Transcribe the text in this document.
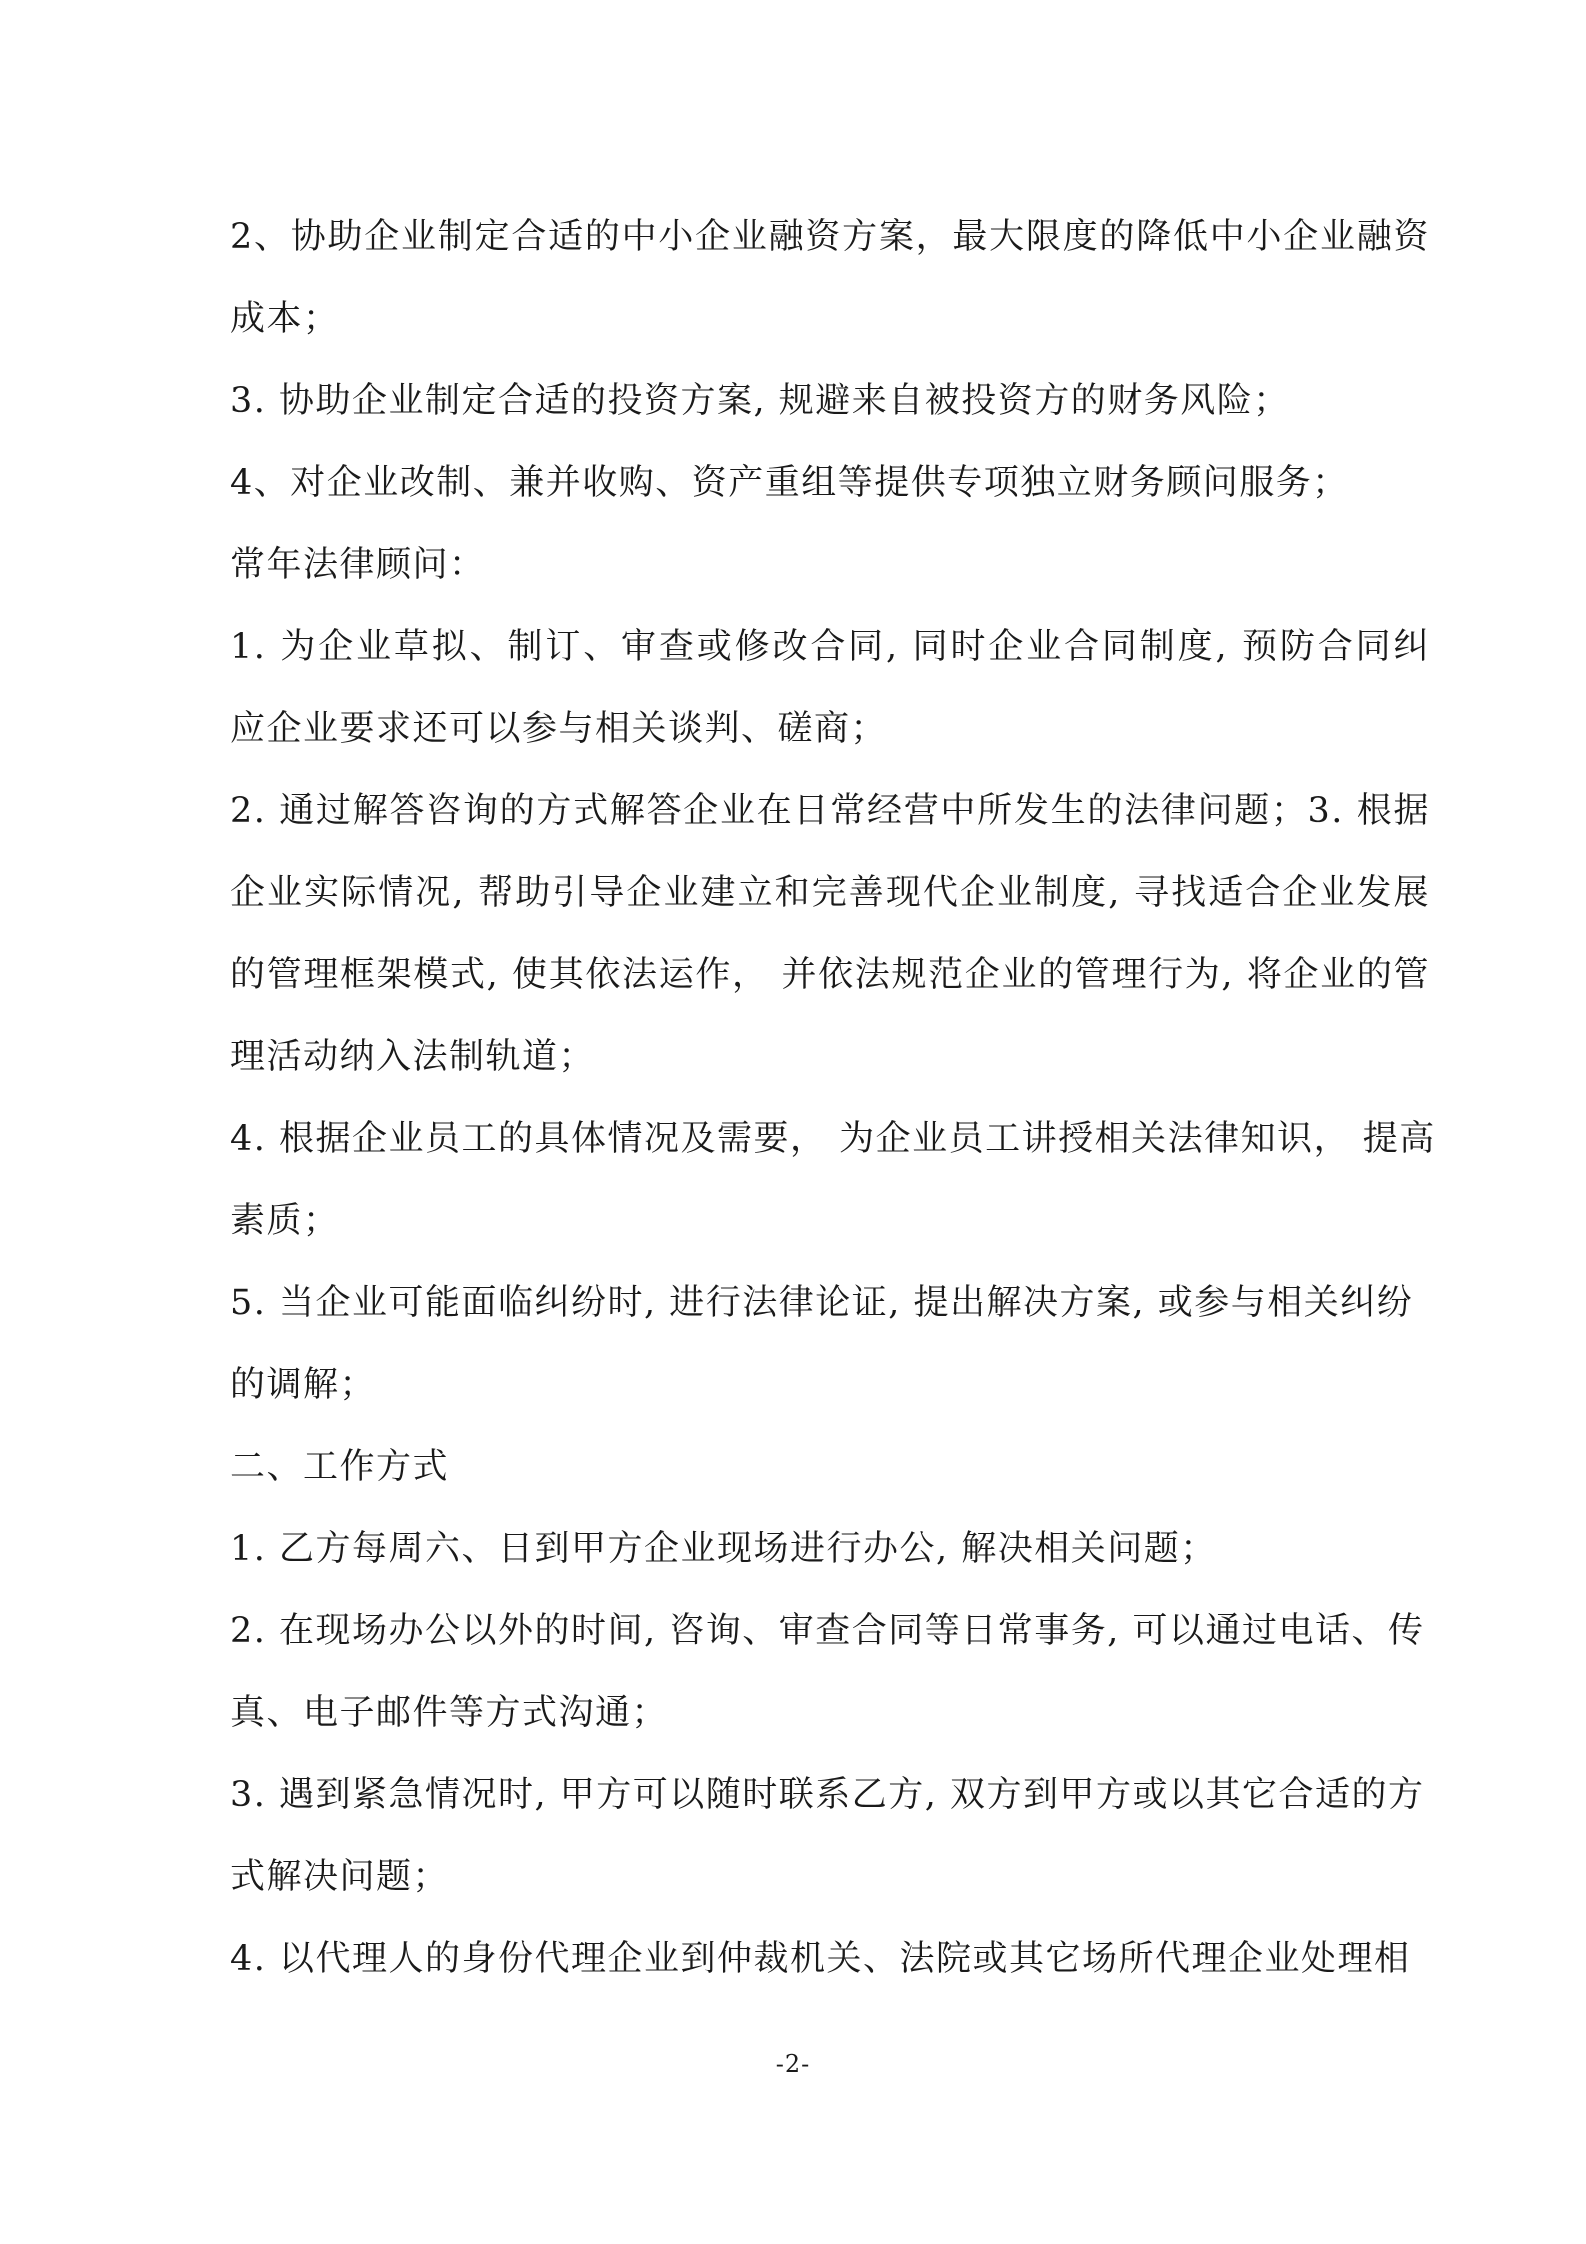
2、协助企业制定合适的中小企业融资方案，最大限度的降低中小企业融资
成本；
3. 协助企业制定合适的投资方案, 规避来自被投资方的财务风险；
4、对企业改制、兼并收购、资产重组等提供专项独立财务顾问服务；
常年法律顾问：
1. 为企业草拟、制订、审查或修改合同, 同时企业合同制度, 预防合同纠
应企业要求还可以参与相关谈判、磋商；
2. 通过解答咨询的方式解答企业在日常经营中所发生的法律问题；3. 根据
企业实际情况, 帮助引导企业建立和完善现代企业制度, 寻找适合企业发展
的管理框架模式, 使其依法运作， 并依法规范企业的管理行为, 将企业的管
理活动纳入法制轨道；
4. 根据企业员工的具体情况及需要， 为企业员工讲授相关法律知识， 提高
素质；
5. 当企业可能面临纠纷时, 进行法律论证, 提出解决方案, 或参与相关纠纷
的调解；
二、工作方式
1. 乙方每周六、日到甲方企业现场进行办公, 解决相关问题；
2. 在现场办公以外的时间, 咨询、审查合同等日常事务, 可以通过电话、传
真、电子邮件等方式沟通；
3. 遇到紧急情况时, 甲方可以随时联系乙方, 双方到甲方或以其它合适的方
式解决问题；
4. 以代理人的身份代理企业到仲裁机关、法院或其它场所代理企业处理相
-2-
